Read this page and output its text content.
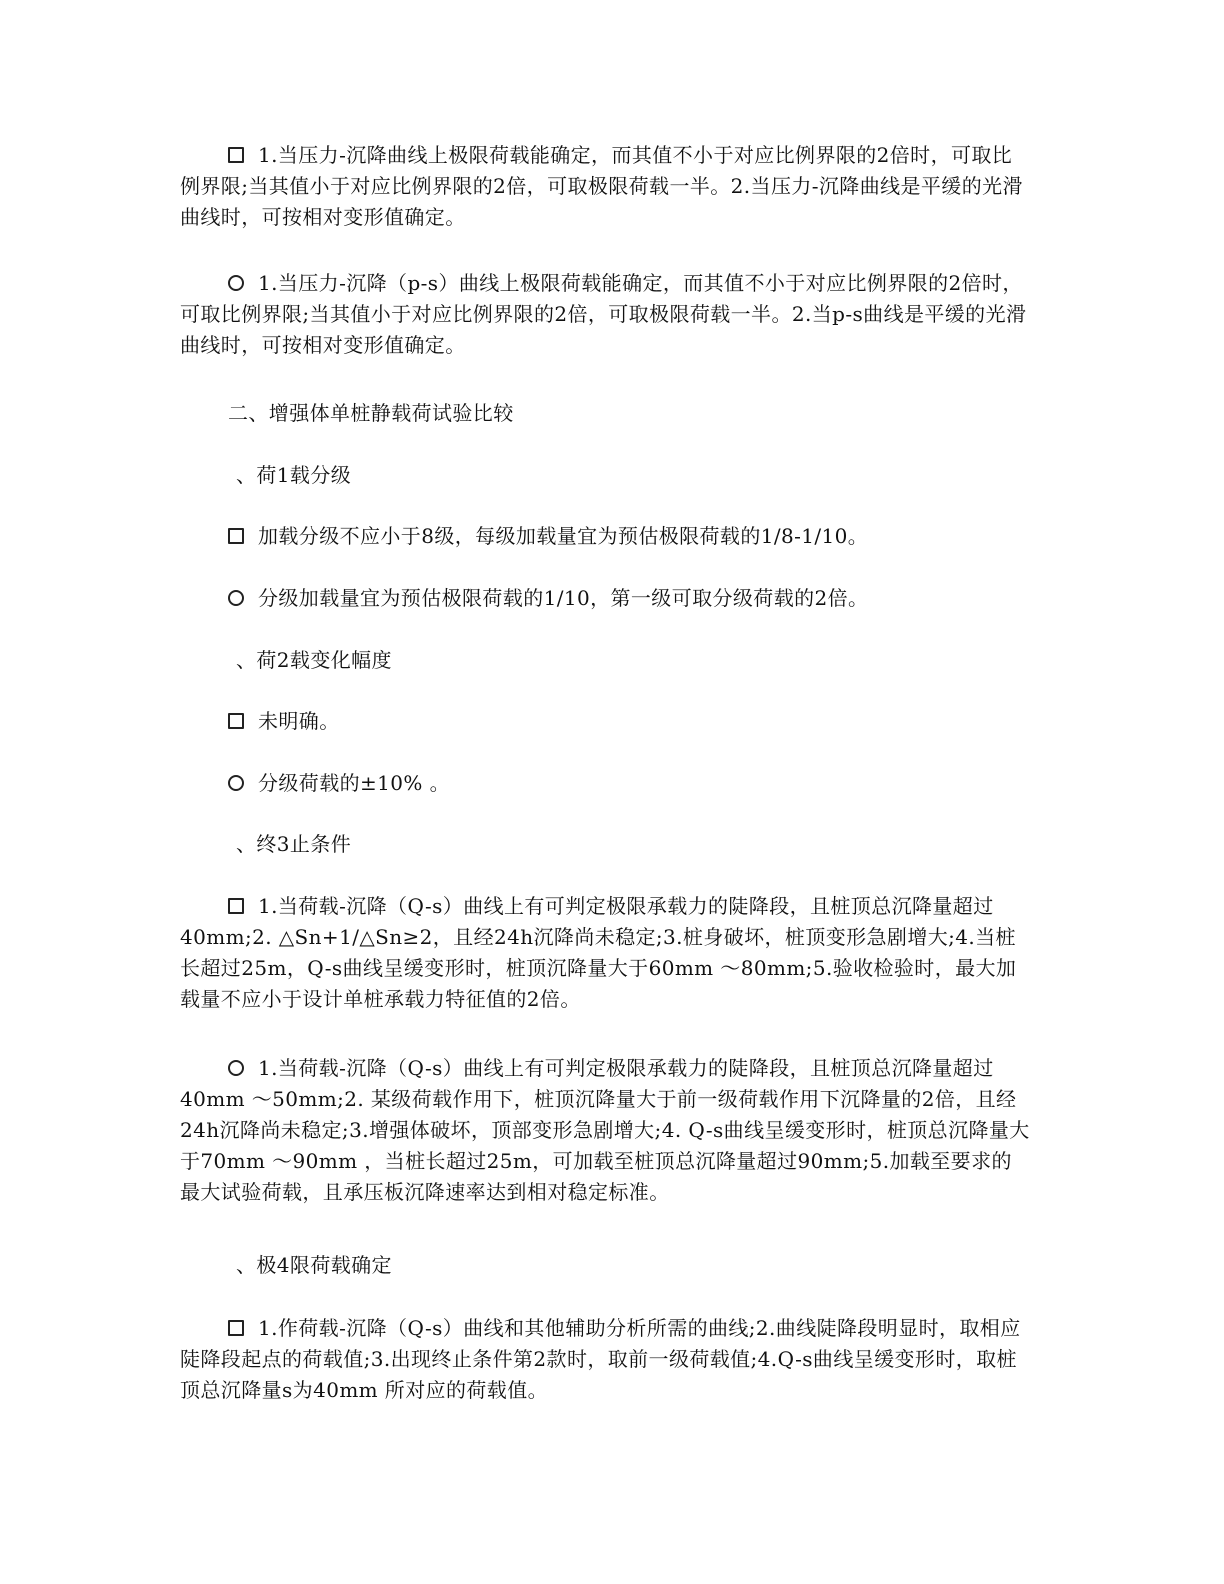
1.当压力-沉降曲线上极限荷载能确定，而其值不小于对应比例界限的2倍时，可取比例界限;当其值小于对应比例界限的2倍，可取极限荷载一半。2.当压力-沉降曲线是平缓的光滑曲线时，可按相对变形值确定。
1.当压力-沉降（p-s）曲线上极限荷载能确定，而其值不小于对应比例界限的2倍时，可取比例界限;当其值小于对应比例界限的2倍，可取极限荷载一半。2.当p-s曲线是平缓的光滑曲线时，可按相对变形值确定。
二、增强体单桩静载荷试验比较
、荷1载分级
加载分级不应小于8级，每级加载量宜为预估极限荷载的1/8-1/10。
分级加载量宜为预估极限荷载的1/10，第一级可取分级荷载的2倍。
、荷2载变化幅度
未明确。
分级荷载的±10% 。
、终3止条件
1.当荷载-沉降（Q-s）曲线上有可判定极限承载力的陡降段，且桩顶总沉降量超过40mm;2. △Sn+1/△Sn≥2，且经24h沉降尚未稳定;3.桩身破坏，桩顶变形急剧增大;4.当桩长超过25m，Q-s曲线呈缓变形时，桩顶沉降量大于60mm ～80mm;5.验收检验时，最大加载量不应小于设计单桩承载力特征值的2倍。
1.当荷载-沉降（Q-s）曲线上有可判定极限承载力的陡降段，且桩顶总沉降量超过40mm ～50mm;2. 某级荷载作用下，桩顶沉降量大于前一级荷载作用下沉降量的2倍，且经24h沉降尚未稳定;3.增强体破坏，顶部变形急剧增大;4. Q-s曲线呈缓变形时，桩顶总沉降量大于70mm ～90mm ，当桩长超过25m，可加载至桩顶总沉降量超过90mm;5.加载至要求的最大试验荷载，且承压板沉降速率达到相对稳定标准。
、极4限荷载确定
1.作荷载-沉降（Q-s）曲线和其他辅助分析所需的曲线;2.曲线陡降段明显时，取相应陡降段起点的荷载值;3.出现终止条件第2款时，取前一级荷载值;4.Q-s曲线呈缓变形时，取桩顶总沉降量s为40mm 所对应的荷载值。
